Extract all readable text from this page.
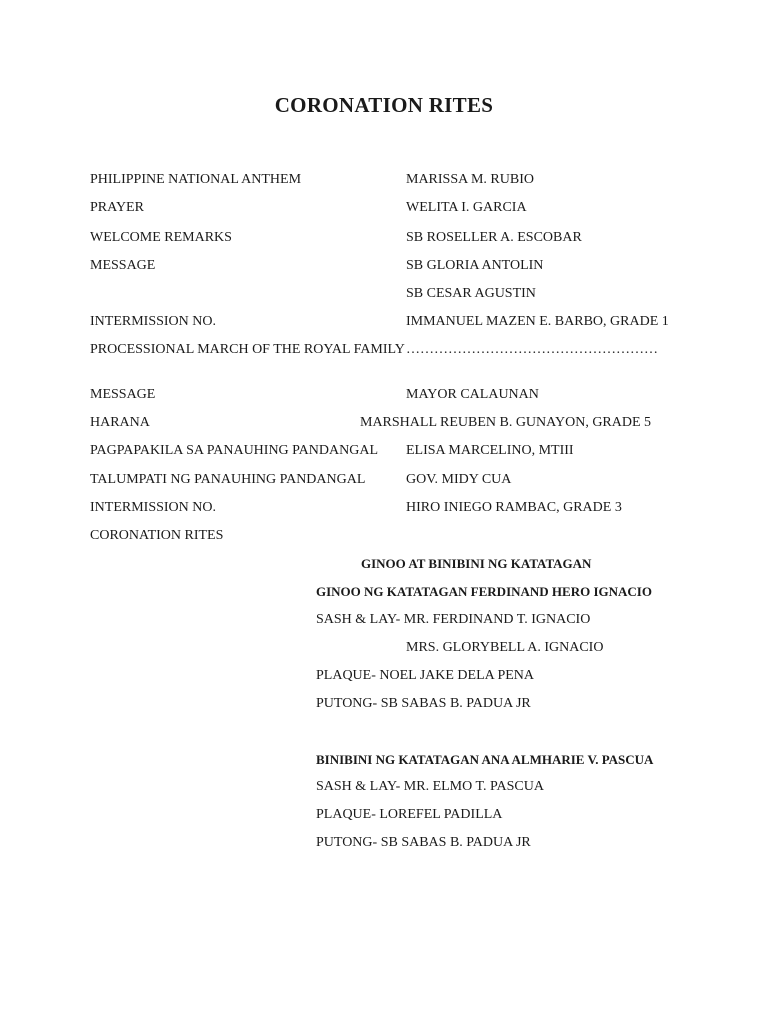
CORONATION RITES
PHILIPPINE NATIONAL ANTHEM	MARISSA M. RUBIO
PRAYER	WELITA I. GARCIA
WELCOME REMARKS	SB ROSELLER A. ESCOBAR
MESSAGE	SB GLORIA ANTOLIN
SB CESAR AGUSTIN
INTERMISSION NO.	IMMANUEL MAZEN E. BARBO, GRADE 1
PROCESSIONAL MARCH OF THE ROYAL FAMILY ………………………………………………
MESSAGE	MAYOR CALAUNAN
HARANA	MARSHALL REUBEN B. GUNAYON, GRADE 5
PAGPAPAKILA SA PANAUHING PANDANGAL ELISA MARCELINO, MTIII
TALUMPATI NG PANAUHING PANDANGAL	GOV. MIDY CUA
INTERMISSION NO.	HIRO INIEGO RAMBAC, GRADE 3
CORONATION RITES
GINOO AT BINIBINI NG KATATAGAN
GINOO NG KATATAGAN FERDINAND HERO IGNACIO
SASH & LAY- MR. FERDINAND T. IGNACIO
MRS. GLORYBELL A. IGNACIO
PLAQUE- NOEL JAKE DELA PENA
PUTONG- SB SABAS B. PADUA JR
BINIBINI NG KATATAGAN ANA ALMHARIE V. PASCUA
SASH & LAY- MR. ELMO T. PASCUA
PLAQUE- LOREFEL PADILLA
PUTONG- SB SABAS B. PADUA JR
